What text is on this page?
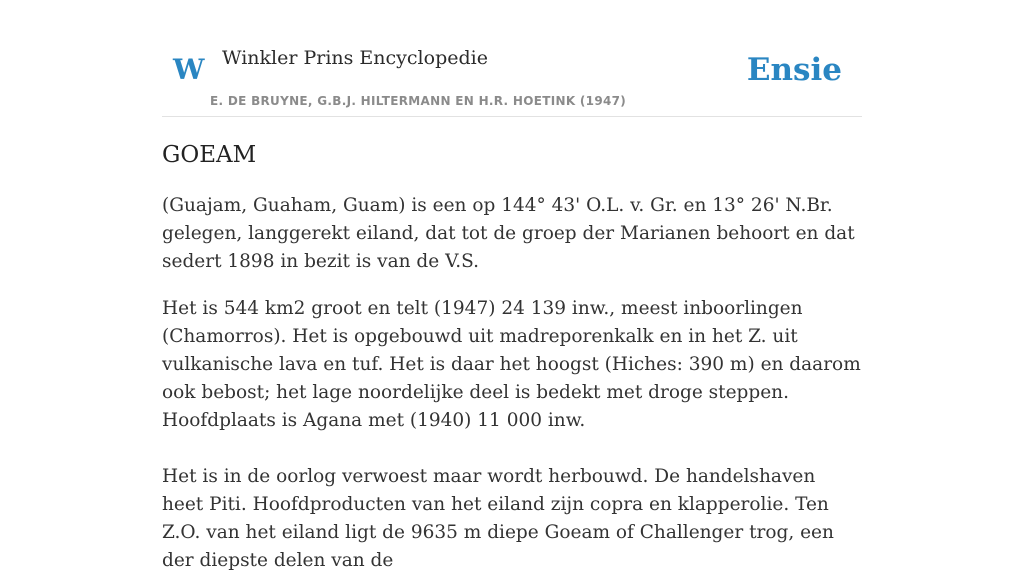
W Winkler Prins Encyclopedie
E. DE BRUYNE, G.B.J. HILTERMANN EN H.R. HOETINK (1947)
Ensie
GOEAM

(Guajam, Guaham, Guam) is een op 144° 43' O.L. v. Gr. en 13° 26' N.Br. gelegen, langgerekt eiland, dat tot de groep der Marianen behoort en dat sedert 1898 in bezit is van de V.S.

Het is 544 km2 groot en telt (1947) 24 139 inw., meest inboorlingen (Chamorros). Het is opgebouwd uit madreporenkalk en in het Z. uit vulkanische lava en tuf. Het is daar het hoogst (Hiches: 390 m) en daarom ook bebost; het lage noordelijke deel is bedekt met droge steppen. Hoofdplaats is Agana met (1940) 11 000 inw.

Het is in de oorlog verwoest maar wordt herbouwd. De handelshaven heet Piti. Hoofdproducten van het eiland zijn copra en klapperolie. Ten Z.O. van het eiland ligt de 9635 m diepe Goeam of Challenger trog, een der diepste delen van de
